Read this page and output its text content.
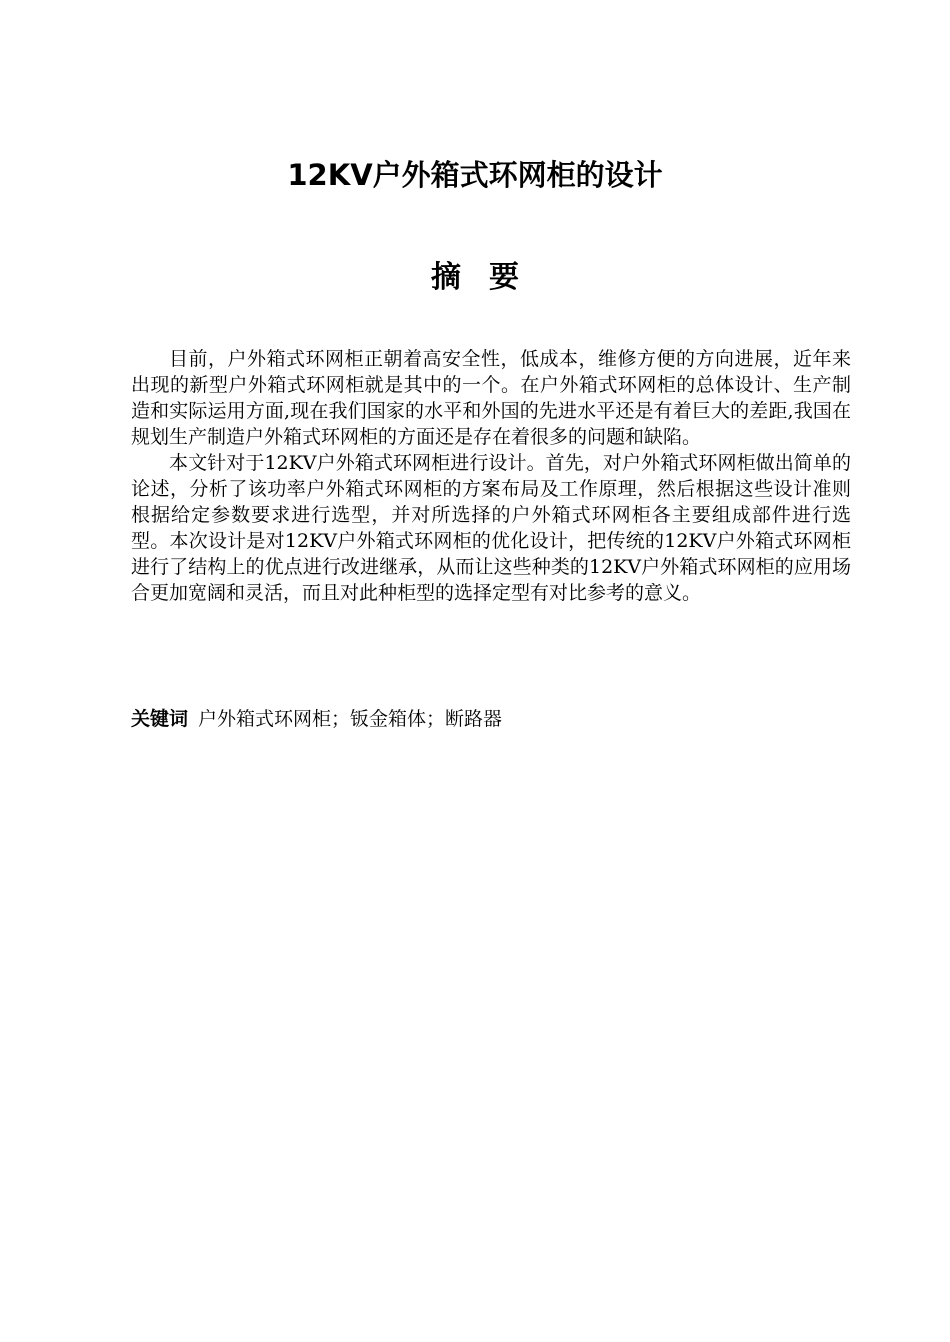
12KV户外箱式环网柜的设计
摘要

目前，户外箱式环网柜正朝着高安全性，低成本，维修方便的方向进展，近年来出现的新型户外箱式环网柜就是其中的一个。在户外箱式环网柜的总体设计、生产制造和实际运用方面,现在我们国家的水平和外国的先进水平还是有着巨大的差距,我国在规划生产制造户外箱式环网柜的方面还是存在着很多的问题和缺陷。

本文针对于12KV户外箱式环网柜进行设计。首先，对户外箱式环网柜做出简单的论述，分析了该功率户外箱式环网柜的方案布局及工作原理，然后根据这些设计准则根据给定参数要求进行选型，并对所选择的户外箱式环网柜各主要组成部件进行选型。本次设计是对12KV户外箱式环网柜的优化设计，把传统的12KV户外箱式环网柜进行了结构上的优点进行改进继承，从而让这些种类的12KV户外箱式环网柜的应用场合更加宽阔和灵活，而且对此种柜型的选择定型有对比参考的意义。

关键词 户外箱式环网柜；钣金箱体；断路器
